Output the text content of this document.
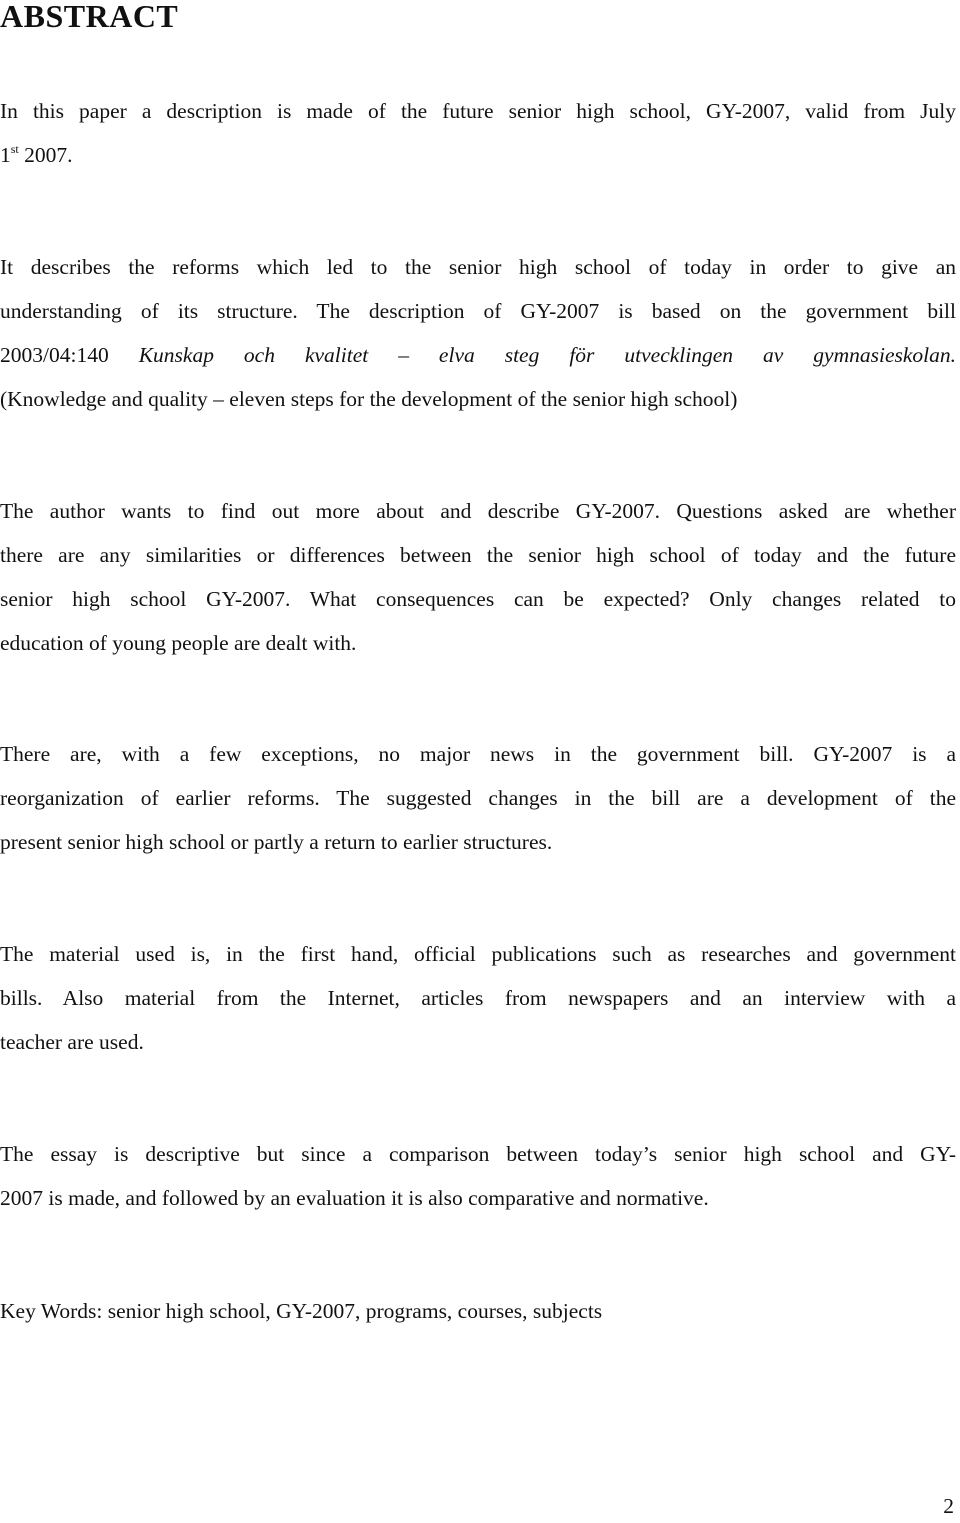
ABSTRACT
In this paper a description is made of the future senior high school, GY-2007, valid from July
1st 2007.
It describes the reforms which led to the senior high school of today in order to give an
understanding of its structure. The description of GY-2007 is based on the government bill
2003/04:140 Kunskap och kvalitet – elva steg för utvecklingen av gymnasieskolan.
(Knowledge and quality – eleven steps for the development of the senior high school)
The author wants to find out more about and describe GY-2007. Questions asked are whether
there are any similarities or differences between the senior high school of today and the future
senior high school GY-2007. What consequences can be expected? Only changes related to
education of young people are dealt with.
There are, with a few exceptions, no major news in the government bill. GY-2007 is a
reorganization of earlier reforms. The suggested changes in the bill are a development of the
present senior high school or partly a return to earlier structures.
The material used is, in the first hand, official publications such as researches and government
bills. Also material from the Internet, articles from newspapers and an interview with a
teacher are used.
The essay is descriptive but since a comparison between today’s senior high school and GY-
2007 is made, and followed by an evaluation it is also comparative and normative.
Key Words: senior high school, GY-2007, programs, courses, subjects
2
